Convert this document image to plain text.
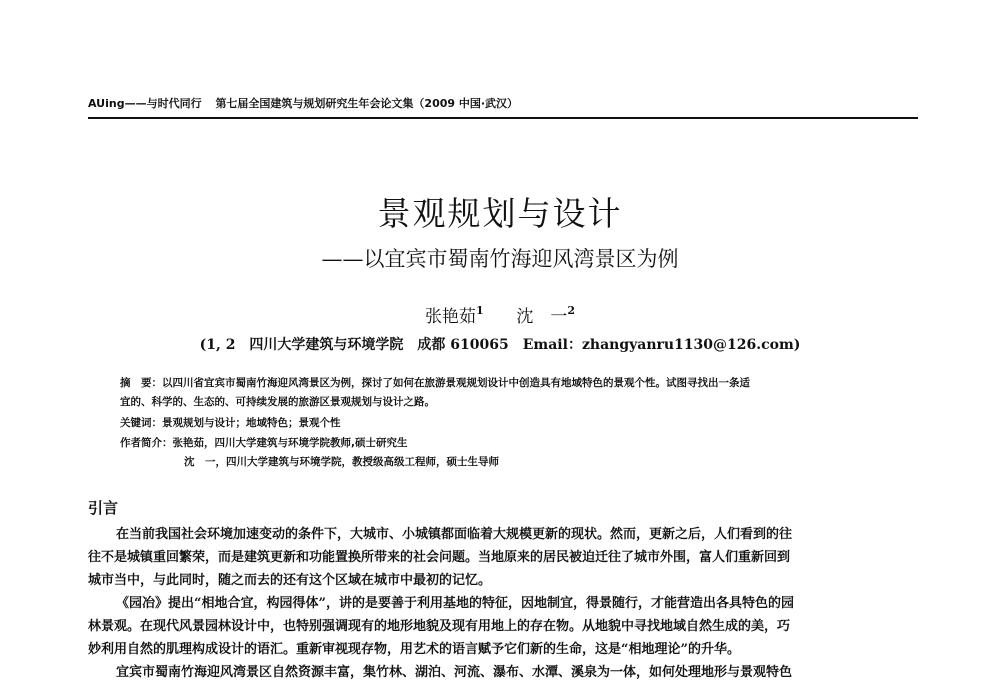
AUing——与时代同行 第七届全国建筑与规划研究生年会论文集（2009 中国·武汉）
景观规划与设计
——以宜宾市蜀南竹海迎风湾景区为例
张艳茹$^1$ 沈　一$^2$
(1, 2　四川大学建筑与环境学院　成都 610065　Email：zhangyanru1130@126.com)
摘　要：以四川省宜宾市蜀南竹海迎风湾景区为例，探讨了如何在旅游景观规划设计中创造具有地域特色的景观个性。试图寻找出一条适
宜的、科学的、生态的、可持续发展的旅游区景观规划与设计之路。
关键词：景观规划与设计；地域特色；景观个性
作者简介：张艳茹，四川大学建筑与环境学院教师,硕士研究生
沈　一，四川大学建筑与环境学院，教授级高级工程师，硕士生导师
引言

在当前我国社会环境加速变动的条件下，大城市、小城镇都面临着大规模更新的现状。然而，更新之后，人们看到的往

往不是城镇重回繁荣，而是建筑更新和功能置换所带来的社会问题。当地原来的居民被迫迁往了城市外围，富人们重新回到

城市当中，与此同时，随之而去的还有这个区域在城市中最初的记忆。

《园冶》提出“相地合宜，构园得体”，讲的是要善于利用基地的特征，因地制宜，得景随行，才能营造出各具特色的园

林景观。在现代风景园林设计中，也特别强调现有的地形地貌及现有用地上的存在物。从地貌中寻找地域自然生成的美，巧

妙利用自然的肌理构成设计的语汇。重新审视现存物，用艺术的语言赋予它们新的生命，这是“相地理论”的升华。

宜宾市蜀南竹海迎风湾景区自然资源丰富，集竹林、湖泊、河流、瀑布、水潭、溪泉为一体，如何处理地形与景观特色
